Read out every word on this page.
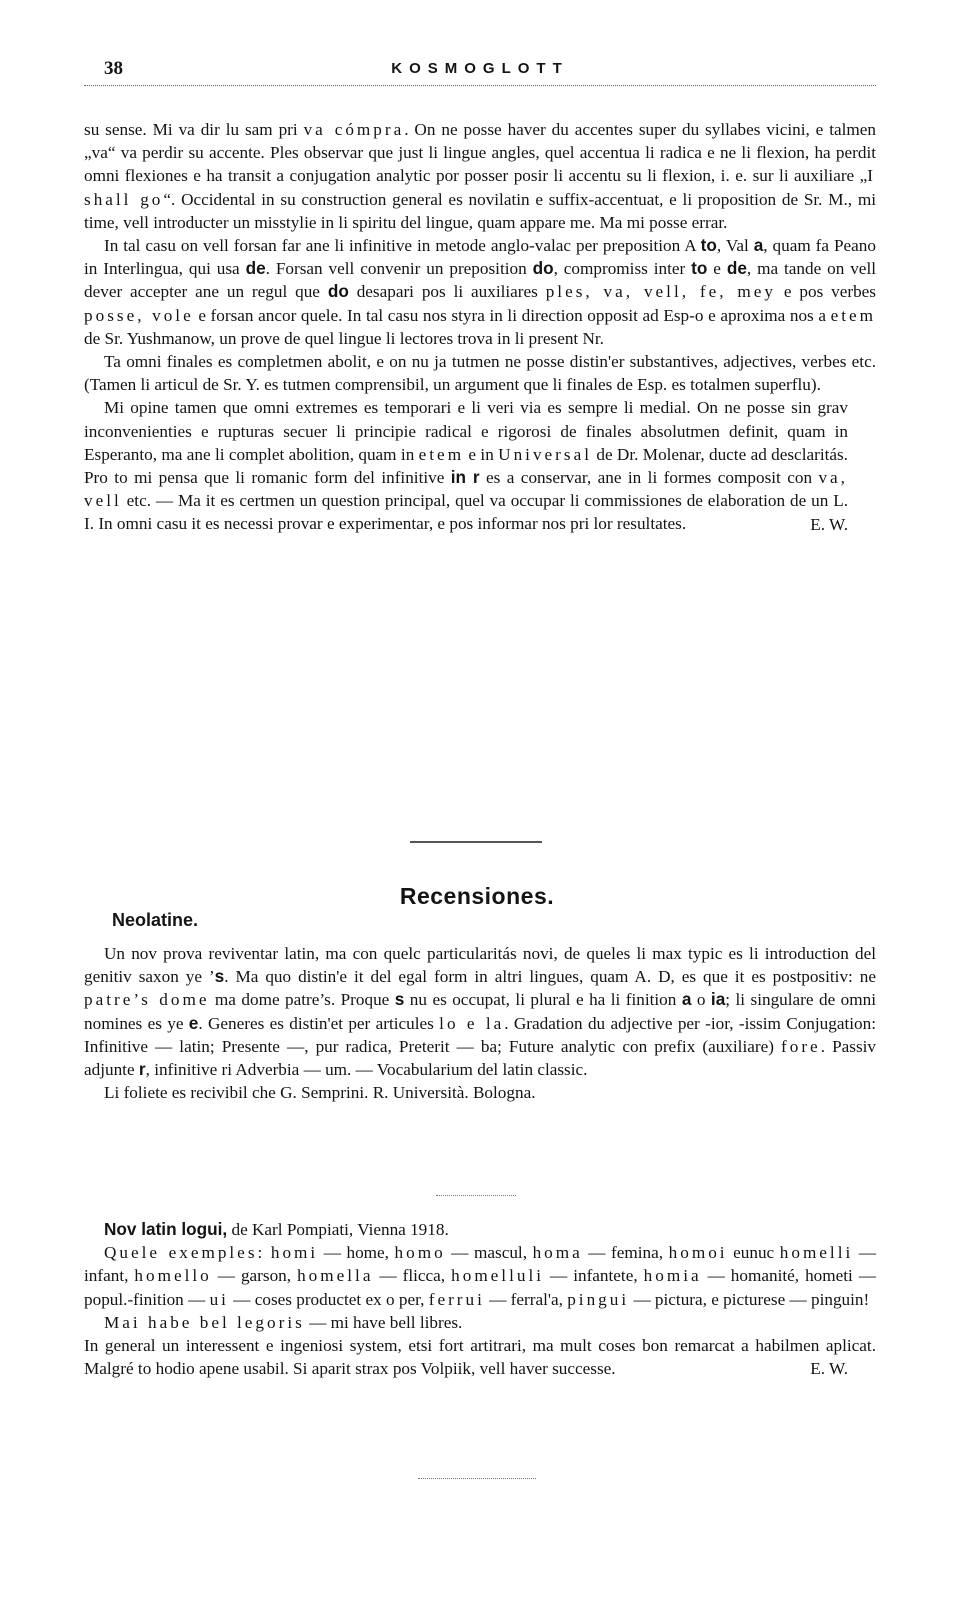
38	KOSMOGLOTT

su sense. Mi va dir lu sam pri va cómpra. On ne posse haver du accentes super du syllabes vicini, e talmen „va“ va perdir su accente. Ples observar que just li lingue angles, quel accentua li radica e ne li flexion, ha perdit omni flexiones e ha transit a conjugation analytic por posser posir li accentu su li flexion, i. e. sur li auxiliare „I shall go“. Occidental in su construction general es novilatin e suffix-accentuat, e li proposition de Sr. M., mi time, vell introducter un misstylie in li spiritu del lingue, quam appare me. Ma mi posse errar.

In tal casu on vell forsan far ane li infinitive in metode anglo-valac per preposition A to, Val a, quam fa Peano in Interlingua, qui usa de. Forsan vell convenir un preposition do, compromiss inter to e de, ma tande on vell dever accepter ane un regul que do desapari pos li auxiliares ples, va, vell, fe, mey e pos verbes posse, vole e forsan ancor quele. In tal casu nos styra in li direction opposit ad Esp-o e aproxima nos a etem de Sr. Yushmanow, un prove de quel lingue li lectores trova in li present Nr.

Ta omni finales es completmen abolit, e on nu ja tutmen ne posse distin'er substantives, adjectives, verbes etc. (Tamen li articul de Sr. Y. es tutmen comprensibil, un argument que li finales de Esp. es totalmen superflu).

Mi opine tamen que omni extremes es temporari e li veri via es sempre li medial. On ne posse sin grav inconvenienties e rupturas secuer li principie radical e rigorosi de finales absolutmen definit, quam in Esperanto, ma ane li complet abolition, quam in etem e in Universal de Dr. Molenar, ducte ad desclaritás. Pro to mi pensa que li romanic form del infinitive in r es a conservar, ane in li formes composit con va, vell etc. — Ma it es certmen un question principal, quel va occupar li commissiones de elaboration de un L. I. In omni casu it es necessi provar e experimentar, e pos informar nos pri lor resultates.	E. W.
Recensiones.
Neolatine.

Un nov prova reviventar latin, ma con quelc particularitás novi, de queles li max typic es li introduction del genitiv saxon ye ’s. Ma quo distin'e it del egal form in altri lingues, quam A. D, es que it es postpositiv: ne patre’s dome ma dome patre’s. Proque s nu es occupat, li plural e ha li finition a o ia; li singulare de omni nomines es ye e. Generes es distin'et per articules lo e la. Gradation du adjective per -ior, -issim Conjugation: Infinitive — latin; Presente —, pur radica, Preterit — ba; Future analytic con prefix (auxiliare) fore. Passiv adjunte r, infinitive ri Adverbia — um. — Vocabularium del latin classic.

Li foliete es recivibil che G. Semprini. R. Università. Bologna.

Nov latin logui, de Karl Pompiati, Vienna 1918.

Quele exemples: homi — home, homo — mascul, homa — femina, homoi eunuc homelli — infant, homello — garson, homella — flicca, homelluli — infantete, homia — homanité, hometi — popul.-finition — ui — coses productet ex o per, ferrui — ferral'a, pingui — pictura, e picturese — pinguin!

Mai habe bel legoris — mi have bell libres.

In general un interessent e ingeniosi system, etsi fort artitrari, ma mult coses bon remarcat a habilmen aplicat. Malgré to hodio apene usabil. Si aparit strax pos Volpiik, vell haver successe.	E. W.
